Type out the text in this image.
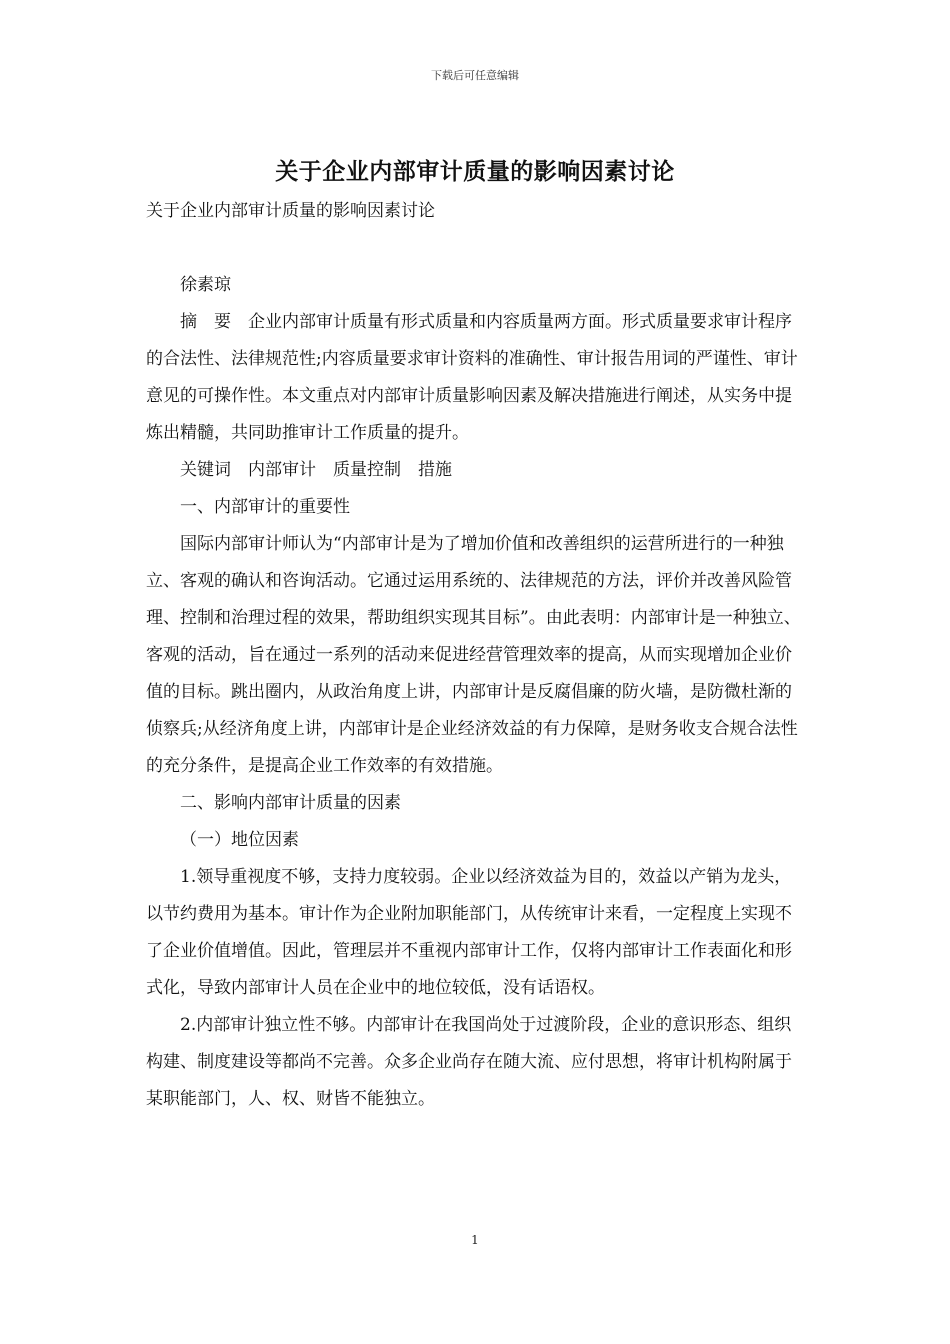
下载后可任意编辑
关于企业内部审计质量的影响因素讨论

关于企业内部审计质量的影响因素讨论

徐素琼

摘　要　企业内部审计质量有形式质量和内容质量两方面。形式质量要求审计程序的合法性、法律规范性;内容质量要求审计资料的准确性、审计报告用词的严谨性、审计意见的可操作性。本文重点对内部审计质量影响因素及解决措施进行阐述，从实务中提炼出精髓，共同助推审计工作质量的提升。

关键词　内部审计　质量控制　措施

一、内部审计的重要性

国际内部审计师认为“内部审计是为了增加价值和改善组织的运营所进行的一种独立、客观的确认和咨询活动。它通过运用系统的、法律规范的方法，评价并改善风险管理、控制和治理过程的效果，帮助组织实现其目标”。由此表明：内部审计是一种独立、客观的活动，旨在通过一系列的活动来促进经营管理效率的提高，从而实现增加企业价值的目标。跳出圈内，从政治角度上讲，内部审计是反腐倡廉的防火墙，是防微杜渐的侦察兵;从经济角度上讲，内部审计是企业经济效益的有力保障，是财务收支合规合法性的充分条件，是提高企业工作效率的有效措施。

二、影响内部审计质量的因素

（一）地位因素

1.领导重视度不够，支持力度较弱。企业以经济效益为目的，效益以产销为龙头，以节约费用为基本。审计作为企业附加职能部门，从传统审计来看，一定程度上实现不了企业价值增值。因此，管理层并不重视内部审计工作，仅将内部审计工作表面化和形式化，导致内部审计人员在企业中的地位较低，没有话语权。

2.内部审计独立性不够。内部审计在我国尚处于过渡阶段，企业的意识形态、组织构建、制度建设等都尚不完善。众多企业尚存在随大流、应付思想，将审计机构附属于某职能部门，人、权、财皆不能独立。

1
